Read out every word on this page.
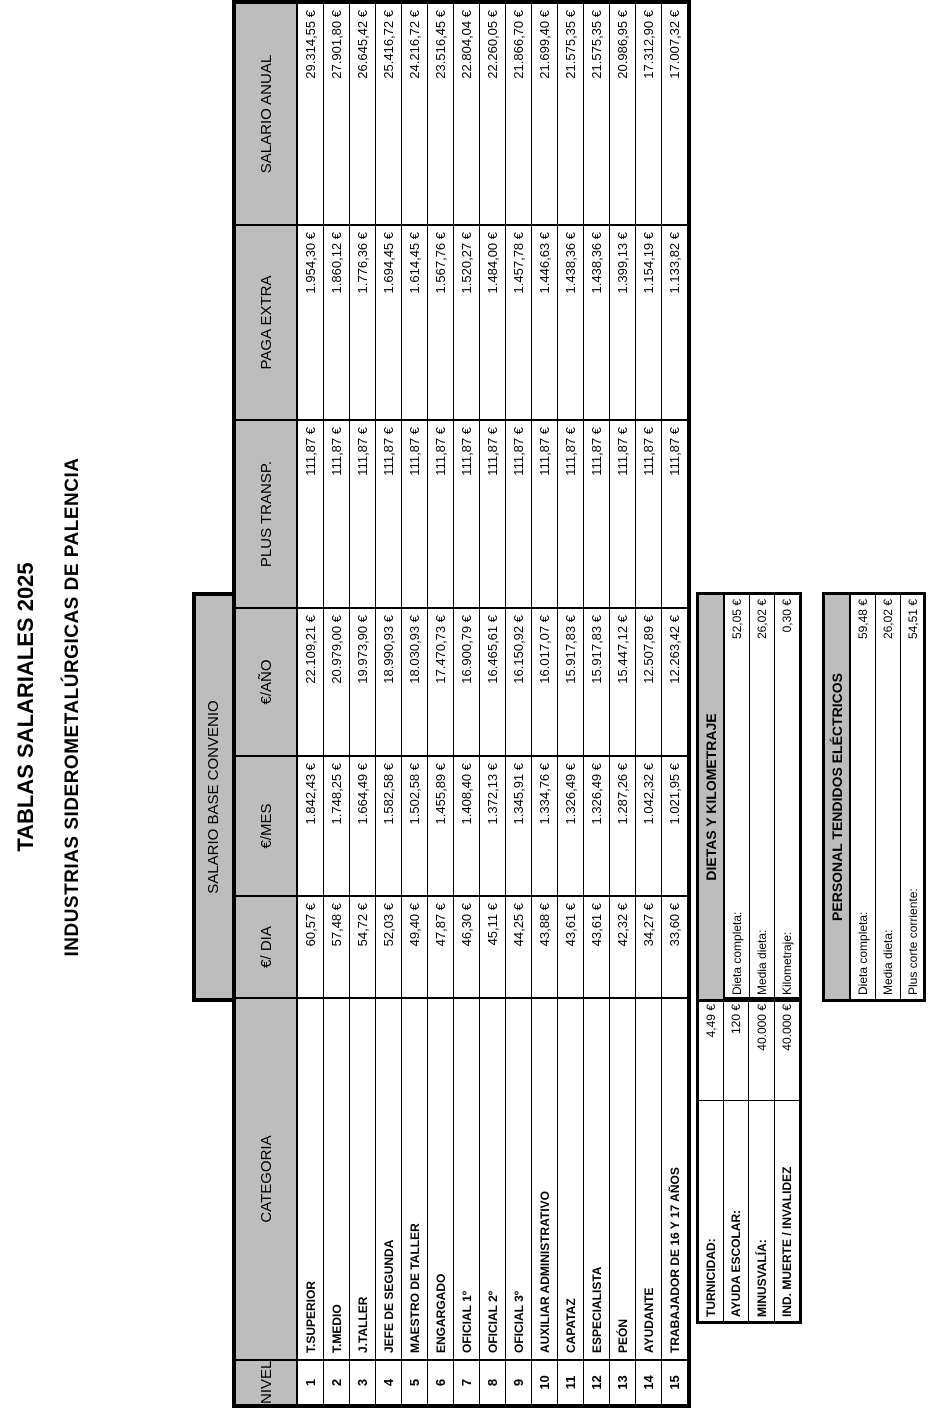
TABLAS SALARIALES 2025	INDUSTRIAS SIDEROMETALÚRGICAS DE PALENCIA	SALARIO BASE CONVENIO
NIVEL	CATEGORIA	€/ DIA	€/MES	€/AÑO	PLUS TRANSP.	PAGA EXTRA	SALARIO ANUAL
1	T.SUPERIOR	60,57 €	1.842,43 €	22.109,21 €	111,87 €	1.954,30 €	29.314,55 €
2	T.MEDIO	57,48 €	1.748,25 €	20.979,00 €	111,87 €	1.860,12 €	27.901,80 €
3	J.TALLER	54,72 €	1.664,49 €	19.973,90 €	111,87 €	1.776,36 €	26.645,42 €
4	JEFE DE SEGUNDA	52,03 €	1.582,58 €	18.990,93 €	111,87 €	1.694,45 €	25.416,72 €
5	MAESTRO DE TALLER	49,40 €	1.502,58 €	18.030,93 €	111,87 €	1.614,45 €	24.216,72 €
6	ENGARGADO	47,87 €	1.455,89 €	17.470,73 €	111,87 €	1.567,76 €	23.516,45 €
7	OFICIAL 1º	46,30 €	1.408,40 €	16.900,79 €	111,87 €	1.520,27 €	22.804,04 €
8	OFICIAL 2º	45,11 €	1.372,13 €	16.465,61 €	111,87 €	1.484,00 €	22.260,05 €
9	OFICIAL 3º	44,25 €	1.345,91 €	16.150,92 €	111,87 €	1.457,78 €	21.866,70 €
10	AUXILIAR ADMINISTRATIVO	43,88 €	1.334,76 €	16.017,07 €	111,87 €	1.446,63 €	21.699,40 €
11	CAPATAZ	43,61 €	1.326,49 €	15.917,83 €	111,87 €	1.438,36 €	21.575,35 €
12	ESPECIALISTA	43,61 €	1.326,49 €	15.917,83 €	111,87 €	1.438,36 €	21.575,35 €
13	PEÓN	42,32 €	1.287,26 €	15.447,12 €	111,87 €	1.399,13 €	20.986,95 €
14	AYUDANTE	34,27 €	1.042,32 €	12.507,89 €	111,87 €	1.154,19 €	17.312,90 €
15	TRABAJADOR DE 16 Y 17 AÑOS	33,60 €	1.021,95 €	12.263,42 €	111,87 €	1.133,82 €	17.007,32 €
TURNICIDAD:	4,49 €
AYUDA ESCOLAR:	120 €
MINUSVALÍA:	40.000 €
IND. MUERTE / INVALIDEZ	40.000 €
DIETAS Y KILOMETRAJE
Dieta completa:		52,05 €
Media dieta:		26,02 €
Kilometraje:		0,30 €
PERSONAL TENDIDOS ELÉCTRICOS
Dieta completa:		59,48 €
Media dieta:		26,02 €
Plus corte corriente:		54,51 €
